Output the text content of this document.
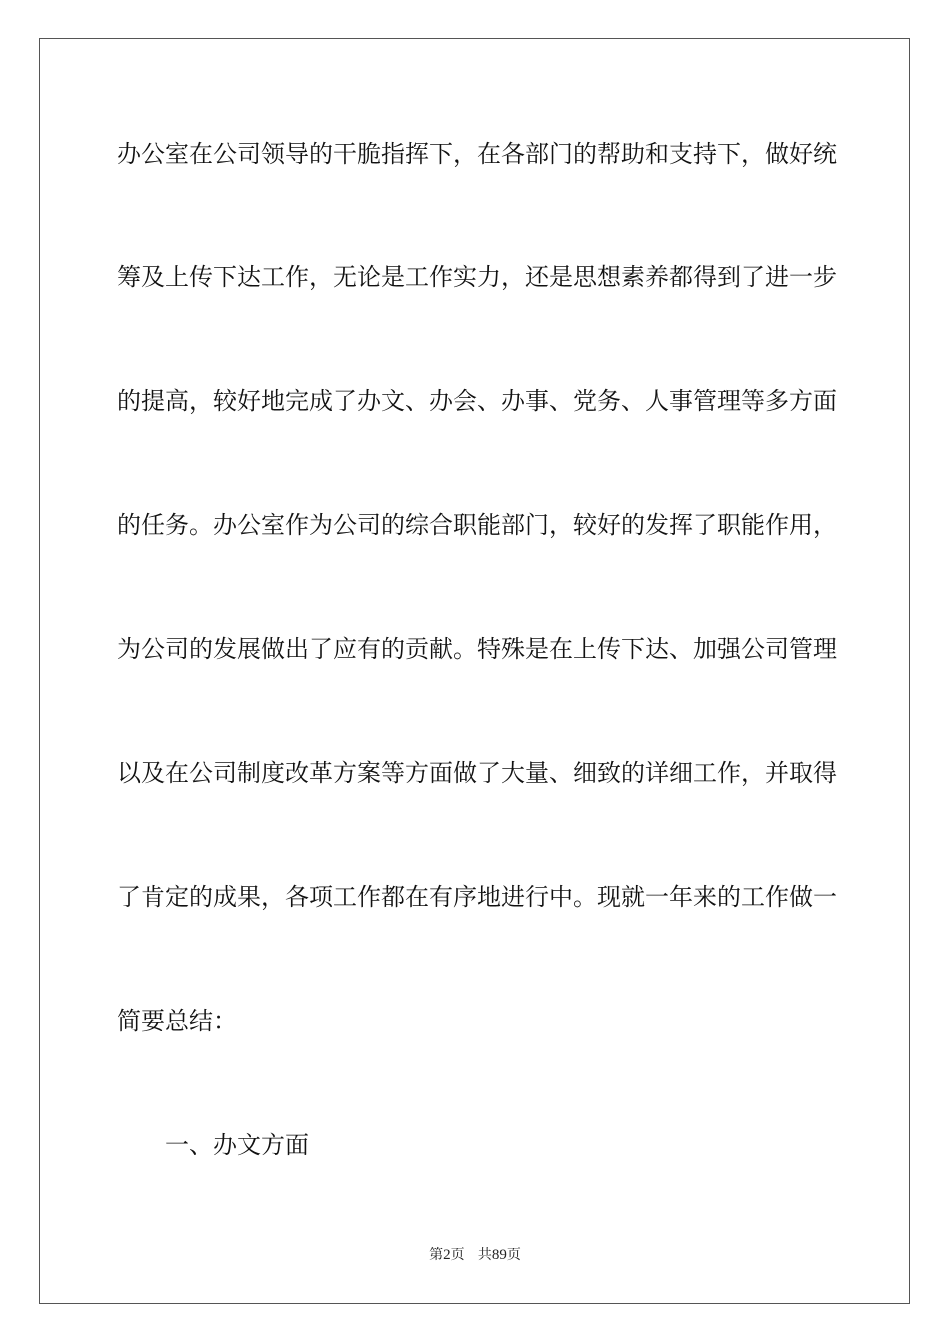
办公室在公司领导的干脆指挥下，在各部门的帮助和支持下，做好统
筹及上传下达工作，无论是工作实力，还是思想素养都得到了进一步
的提高，较好地完成了办文、办会、办事、党务、人事管理等多方面
的任务。办公室作为公司的综合职能部门，较好的发挥了职能作用，
为公司的发展做出了应有的贡献。特殊是在上传下达、加强公司管理
以及在公司制度改革方案等方面做了大量、细致的详细工作，并取得
了肯定的成果，各项工作都在有序地进行中。现就一年来的工作做一
简要总结：
一、办文方面
第2页 共89页
